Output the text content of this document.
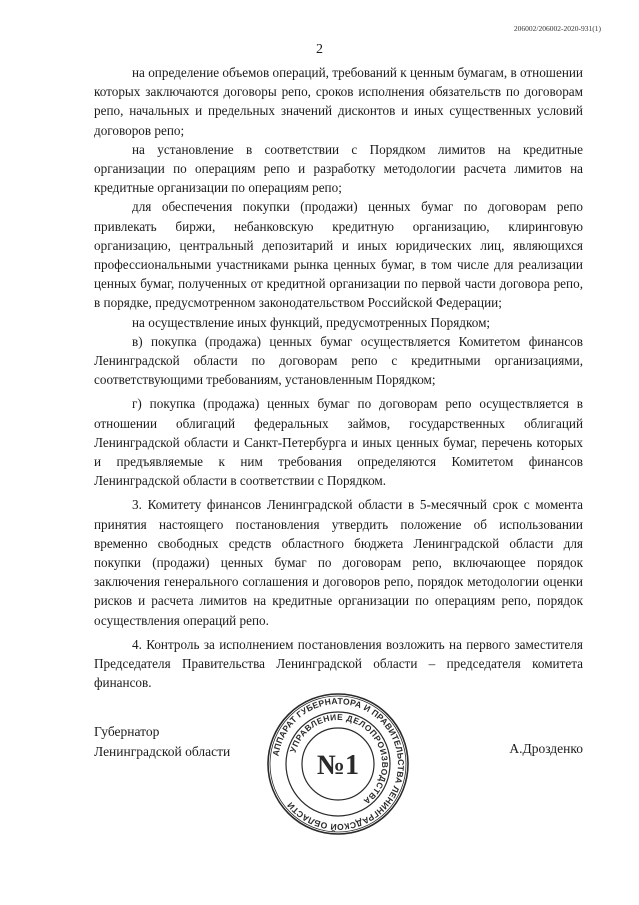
206002/206002-2020-931(1)
2

на определение объемов операций, требований к ценным бумагам, в отношении которых заключаются договоры репо, сроков исполнения обязательств по договорам репо, начальных и предельных значений дисконтов и иных существенных условий договоров репо;

на установление в соответствии с Порядком лимитов на кредитные организации по операциям репо и разработку методологии расчета лимитов на кредитные организации по операциям репо;

для обеспечения покупки (продажи) ценных бумаг по договорам репо привлекать биржи, небанковскую кредитную организацию, клиринговую организацию, центральный депозитарий и иных юридических лиц, являющихся профессиональными участниками рынка ценных бумаг, в том числе для реализации ценных бумаг, полученных от кредитной организации по первой части договора репо, в порядке, предусмотренном законодательством Российской Федерации;

на осуществление иных функций, предусмотренных Порядком;

в) покупка (продажа) ценных бумаг осуществляется Комитетом финансов Ленинградской области по договорам репо с кредитными организациями, соответствующими требованиям, установленным Порядком;

г) покупка (продажа) ценных бумаг по договорам репо осуществляется в отношении облигаций федеральных займов, государственных облигаций Ленинградской области и Санкт-Петербурга и иных ценных бумаг, перечень которых и предъявляемые к ним требования определяются Комитетом финансов Ленинградской области в соответствии с Порядком.

3. Комитету финансов Ленинградской области в 5-месячный срок с момента принятия настоящего постановления утвердить положение об использовании временно свободных средств областного бюджета Ленинградской области для покупки (продажи) ценных бумаг по договорам репо, включающее порядок заключения генерального соглашения и договоров репо, порядок методологии оценки рисков и расчета лимитов на кредитные организации по операциям репо, порядок осуществления операций репо.

4. Контроль за исполнением постановления возложить на первого заместителя Председателя Правительства Ленинградской области – председателя комитета финансов.

Губернатор
Ленинградской области	А.Дрозденко
АППАРАТ ГУБЕРНАТОРА И ПРАВИТЕЛЬСТВА ЛЕНИНГРАДСКОЙ ОБЛАСТИ
УПРАВЛЕНИЕ ДЕЛОПРОИЗВОДСТВА
№1
